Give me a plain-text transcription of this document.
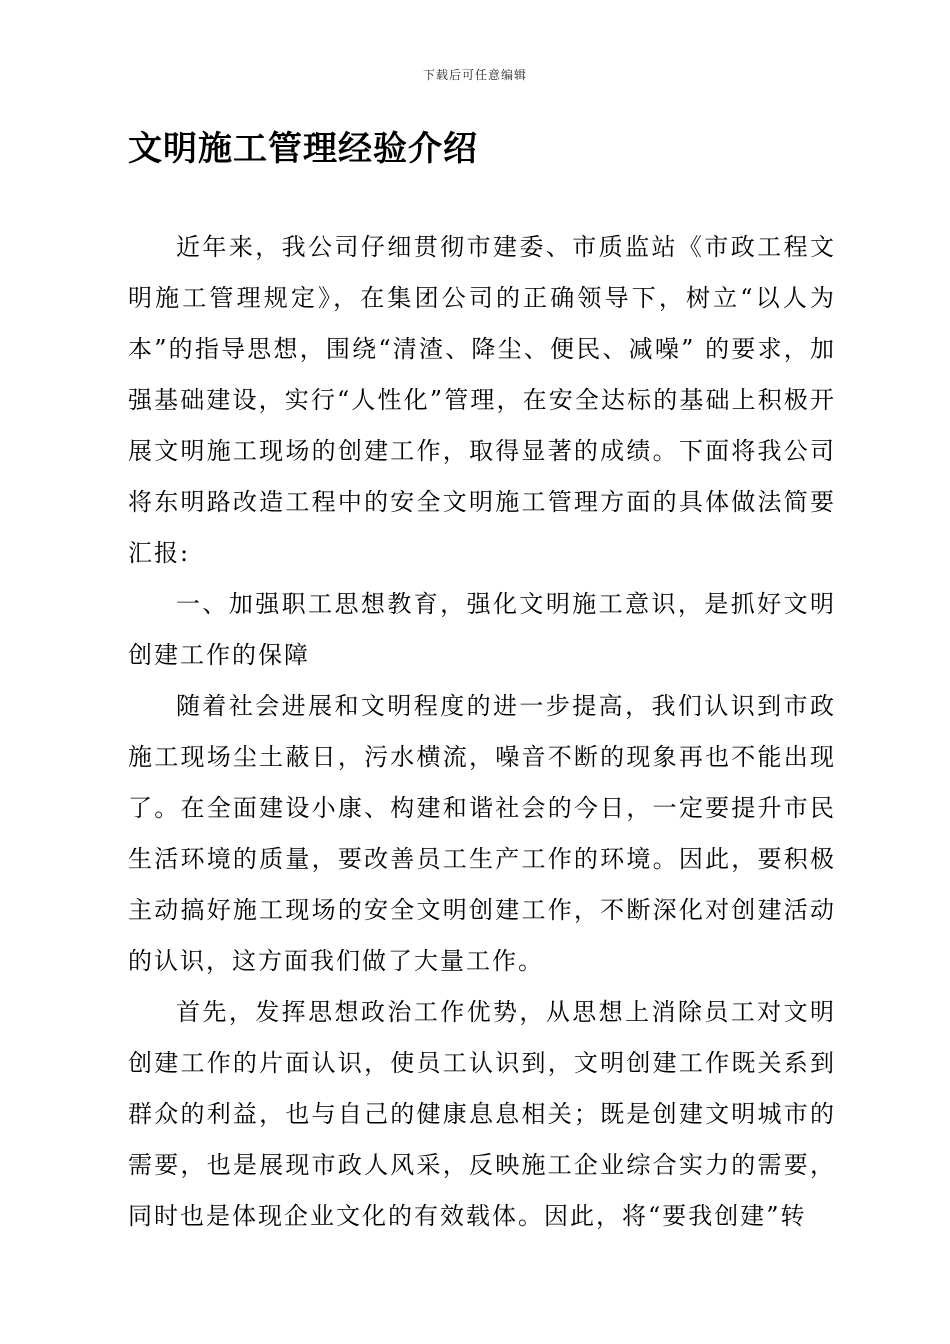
下载后可任意编辑
文明施工管理经验介绍

近年来，我公司仔细贯彻市建委、市质监站《市政工程文明施工管理规定》，在集团公司的正确领导下，树立“以人为本”的指导思想，围绕“清渣、降尘、便民、减噪” 的要求，加强基础建设，实行“人性化”管理，在安全达标的基础上积极开展文明施工现场的创建工作，取得显著的成绩。下面将我公司将东明路改造工程中的安全文明施工管理方面的具体做法简要汇报:

一、加强职工思想教育，强化文明施工意识，是抓好文明创建工作的保障

随着社会进展和文明程度的进一步提高，我们认识到市政施工现场尘土蔽日，污水横流，噪音不断的现象再也不能出现了。在全面建设小康、构建和谐社会的今日，一定要提升市民生活环境的质量，要改善员工生产工作的环境。因此，要积极主动搞好施工现场的安全文明创建工作，不断深化对创建活动的认识，这方面我们做了大量工作。

首先，发挥思想政治工作优势，从思想上消除员工对文明创建工作的片面认识，使员工认识到，文明创建工作既关系到群众的利益，也与自己的健康息息相关；既是创建文明城市的需要，也是展现市政人风采，反映施工企业综合实力的需要，同时也是体现企业文化的有效载体。因此，将“要我创建”转
